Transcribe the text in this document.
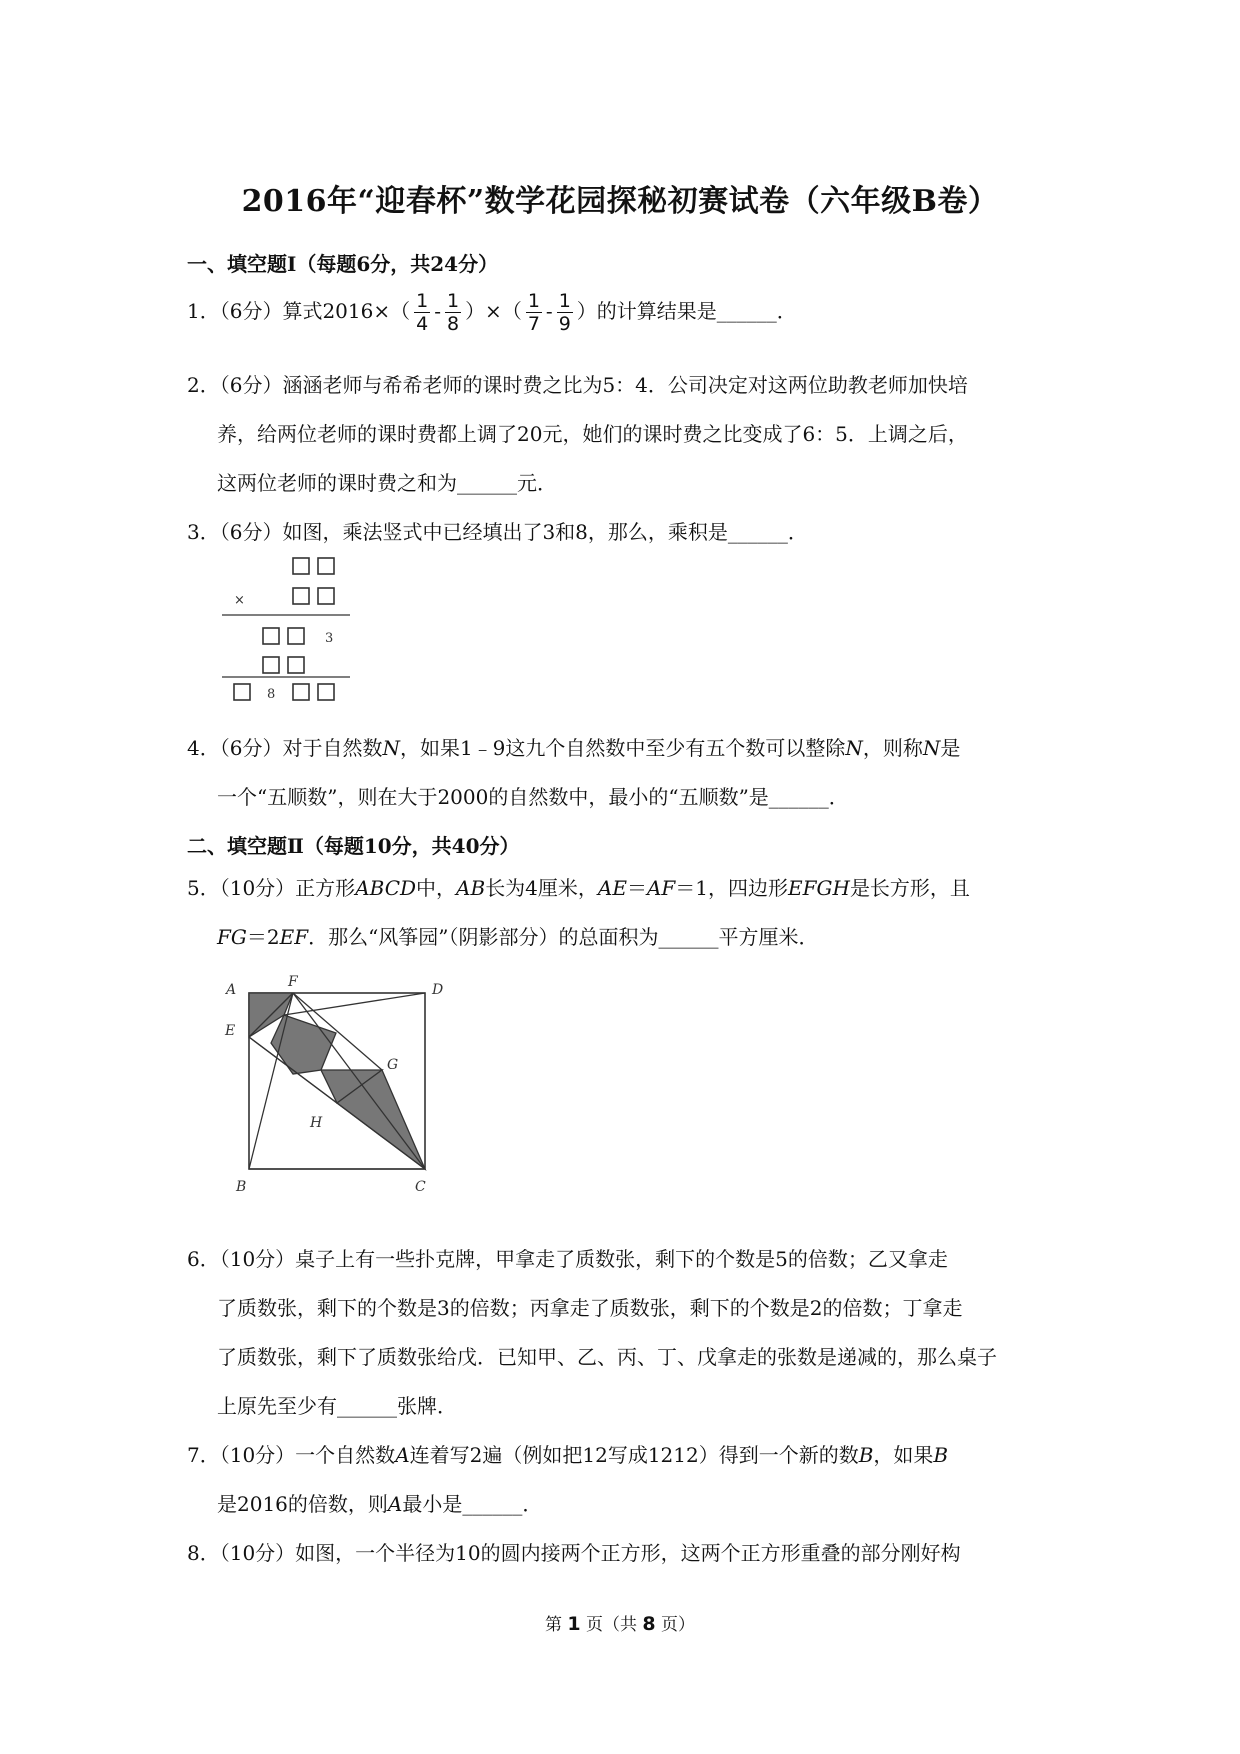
2016年“迎春杯”数学花园探秘初赛试卷（六年级B卷）
一、填空题Ⅰ（每题6分，共24分）
1．（6分）算式$2016\times( \frac{1}{4} - \frac{1}{8}$ ）×（ $\frac{1}{7} - \frac{1}{9}$ ）的计算结果是______．
2．（6分）涵涵老师与希希老师的课时费之比为5：4．公司决定对这两位助教老师加快培
养，给两位老师的课时费都上调了20元，她们的课时费之比变成了6：5．上调之后，
这两位老师的课时费之和为______元．
3．（6分）如图，乘法竖式中已经填出了3和8，那么，乘积是______．
×
3
8
4．（6分）对于自然数N，如果1﹣9这九个自然数中至少有五个数可以整除N，则称N是
一个“五顺数”，则在大于2000的自然数中，最小的“五顺数”是______．
二、填空题Ⅱ（每题10分，共40分）
5．（10分）正方形ABCD中，AB长为4厘米，AE＝AF＝1，四边形EFGH是长方形，且
FG＝2EF．那么“风筝园”（阴影部分）的总面积为______平方厘米．
A	F	D
E
G
H
B	C
6．（10分）桌子上有一些扑克牌，甲拿走了质数张，剩下的个数是5的倍数；乙又拿走
了质数张，剩下的个数是3的倍数；丙拿走了质数张，剩下的个数是2的倍数；丁拿走
了质数张，剩下了质数张给戊．已知甲、乙、丙、丁、戊拿走的张数是递减的，那么桌子
上原先至少有______张牌．
7．（10分）一个自然数A连着写2遍（例如把12写成1212）得到一个新的数B，如果B
是2016的倍数，则A最小是______．
8．（10分）如图，一个半径为10的圆内接两个正方形，这两个正方形重叠的部分刚好构
第 1 页（共 8 页）
